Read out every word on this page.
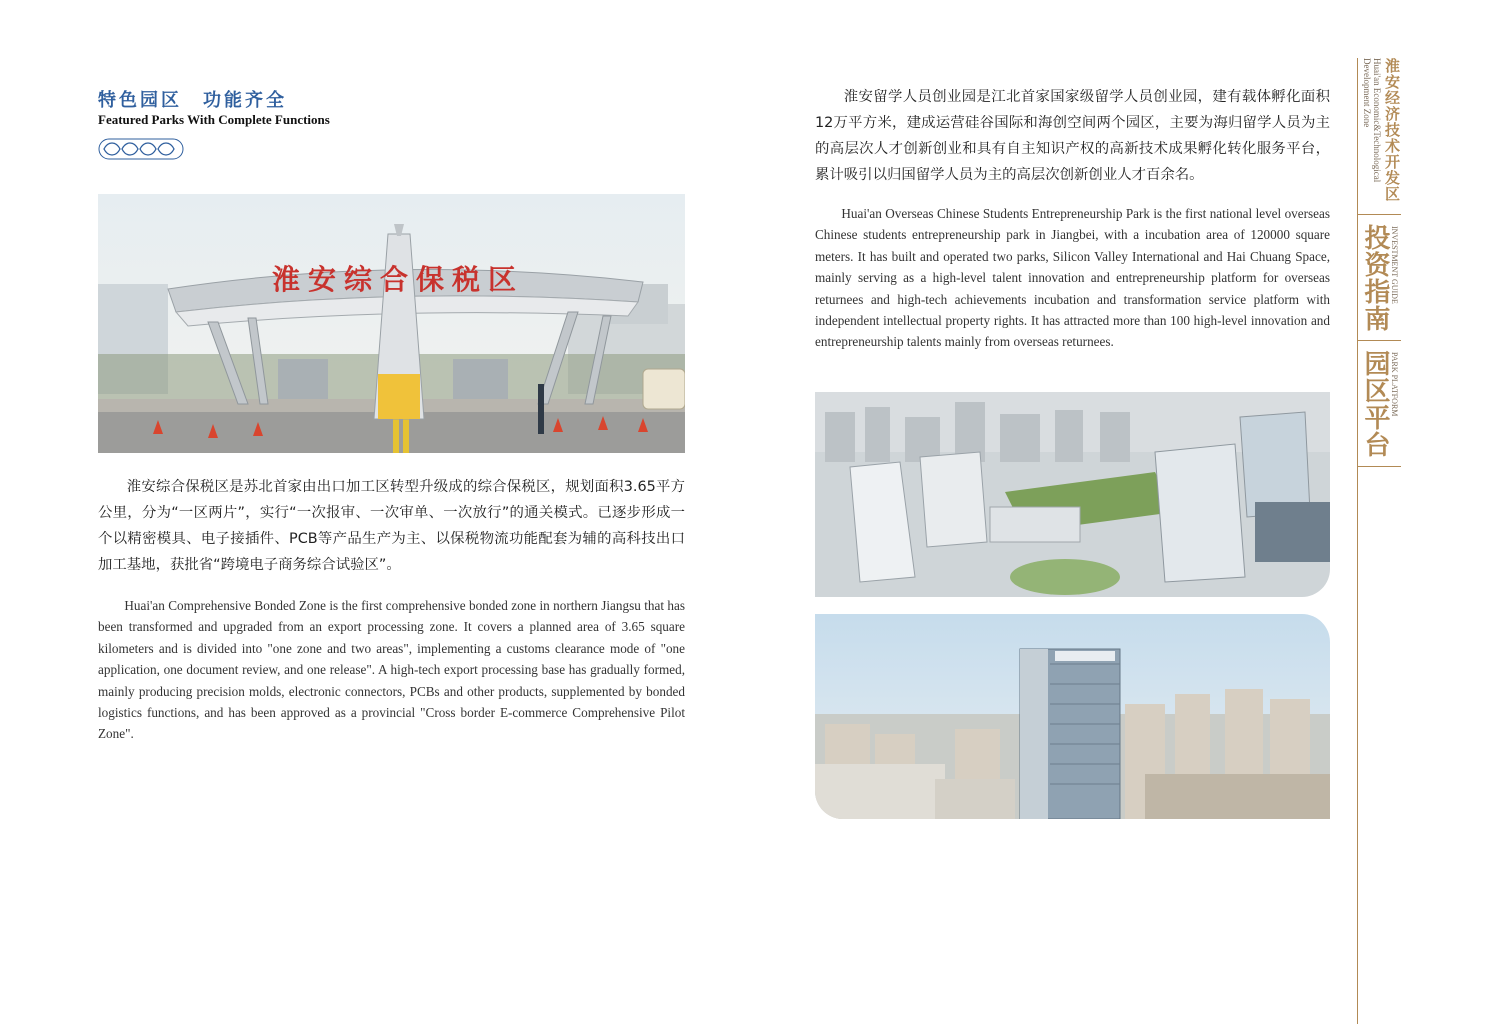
特色园区　功能齐全
Featured Parks With Complete Functions
淮安综合保税区

淮安综合保税区是苏北首家由出口加工区转型升级成的综合保税区，规划面积3.65平方公里，分为“一区两片”，实行“一次报审、一次审单、一次放行”的通关模式。已逐步形成一个以精密模具、电子接插件、PCB等产品生产为主、以保税物流功能配套为辅的高科技出口加工基地，获批省“跨境电子商务综合试验区”。

Huai'an Comprehensive Bonded Zone is the first comprehensive bonded zone in northern Jiangsu that has been transformed and upgraded from an export processing zone. It covers a planned area of 3.65 square kilometers and is divided into "one zone and two areas", implementing a customs clearance mode of "one application, one document review, and one release". A high-tech export processing base has gradually formed, mainly producing precision molds, electronic connectors, PCBs and other products, supplemented by bonded logistics functions, and has been approved as a provincial "Cross border E-commerce Comprehensive Pilot Zone".

淮安留学人员创业园是江北首家国家级留学人员创业园，建有载体孵化面积12万平方米，建成运营硅谷国际和海创空间两个园区，主要为海归留学人员为主的高层次人才创新创业和具有自主知识产权的高新技术成果孵化转化服务平台，累计吸引以归国留学人员为主的高层次创新创业人才百余名。

Huai'an Overseas Chinese Students Entrepreneurship Park is the first national level overseas Chinese students entrepreneurship park in Jiangbei, with a incubation area of 120000 square meters. It has built and operated two parks, Silicon Valley International and Hai Chuang Space, mainly serving as a high-level talent innovation and entrepreneurship platform for overseas returnees and high-tech achievements incubation and transformation service platform with independent intellectual property rights. It has attracted more than 100 high-level innovation and entrepreneurship talents mainly from overseas returnees.

淮安经济技术开发区
Huai'an Economic&Technological Development Zone
投资指南 INVESTMENT GUIDE
园区平台 PARK PLATFORM
